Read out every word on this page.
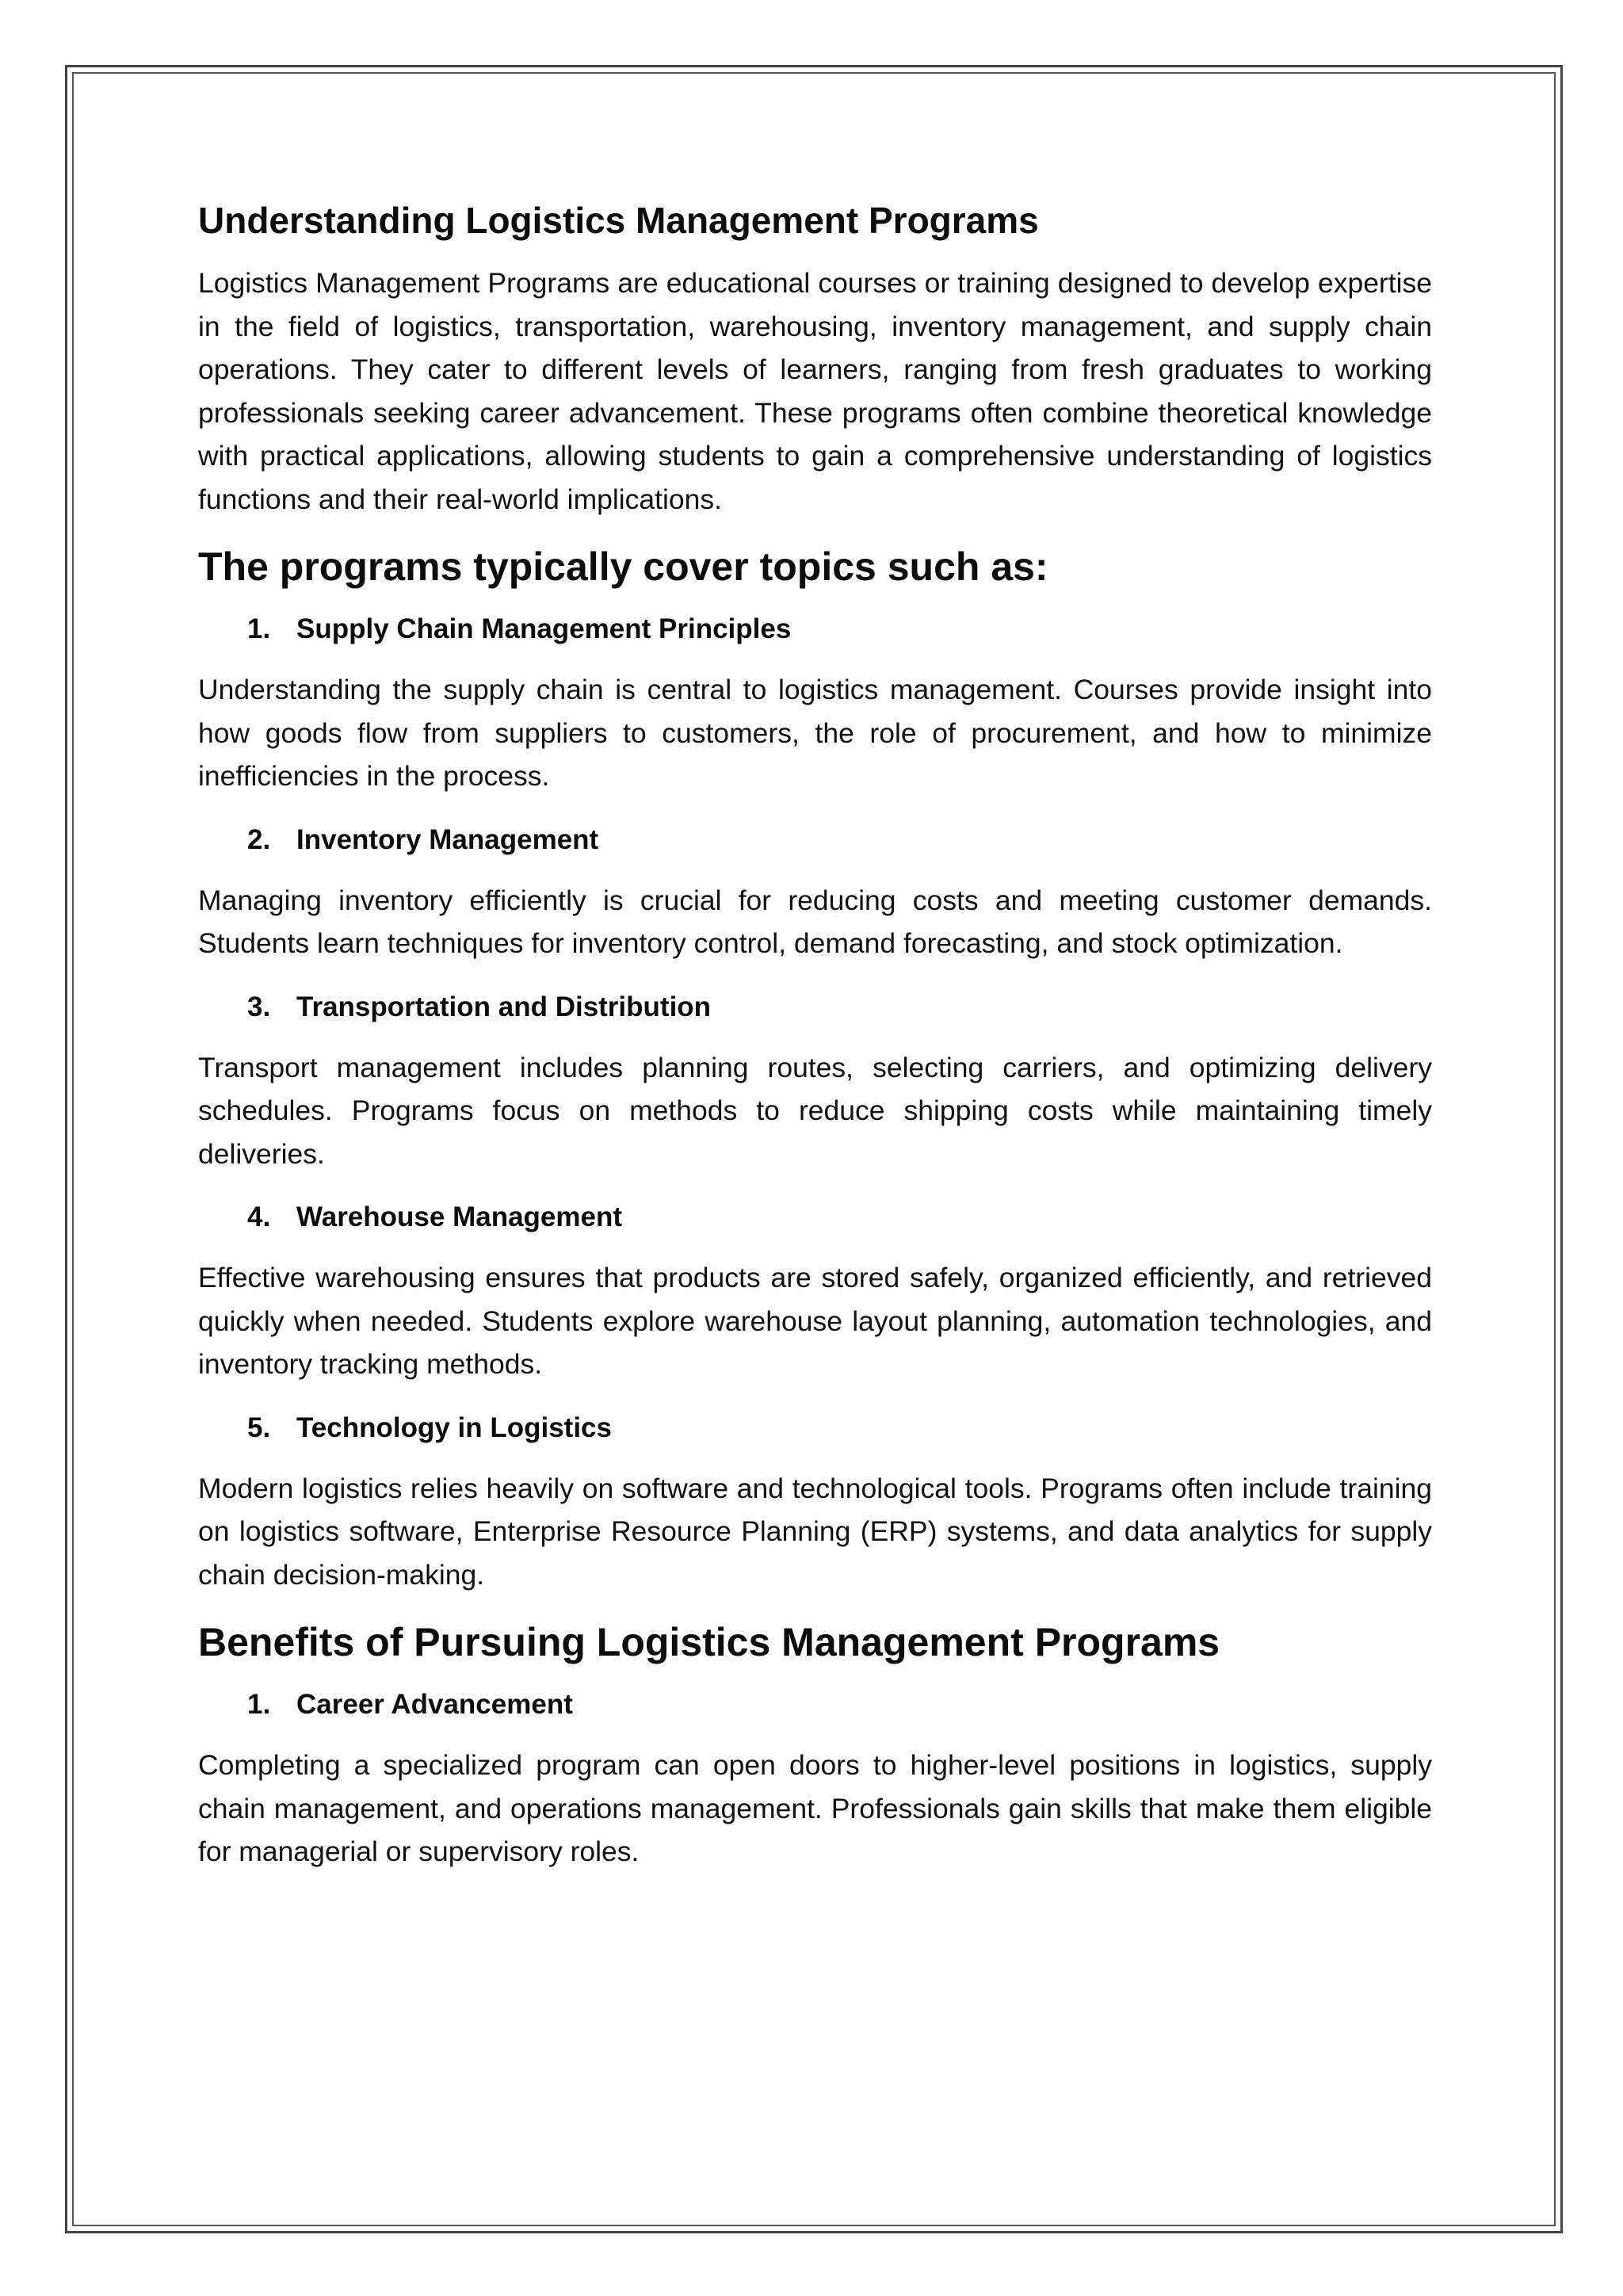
Understanding Logistics Management Programs

Logistics Management Programs are educational courses or training designed to develop expertise in the field of logistics, transportation, warehousing, inventory management, and supply chain operations. They cater to different levels of learners, ranging from fresh graduates to working professionals seeking career advancement. These programs often combine theoretical knowledge with practical applications, allowing students to gain a comprehensive understanding of logistics functions and their real-world implications.

The programs typically cover topics such as:
1. Supply Chain Management Principles

Understanding the supply chain is central to logistics management. Courses provide insight into how goods flow from suppliers to customers, the role of procurement, and how to minimize inefficiencies in the process.

2. Inventory Management

Managing inventory efficiently is crucial for reducing costs and meeting customer demands. Students learn techniques for inventory control, demand forecasting, and stock optimization.

3. Transportation and Distribution

Transport management includes planning routes, selecting carriers, and optimizing delivery schedules. Programs focus on methods to reduce shipping costs while maintaining timely deliveries.

4. Warehouse Management

Effective warehousing ensures that products are stored safely, organized efficiently, and retrieved quickly when needed. Students explore warehouse layout planning, automation technologies, and inventory tracking methods.

5. Technology in Logistics

Modern logistics relies heavily on software and technological tools. Programs often include training on logistics software, Enterprise Resource Planning (ERP) systems, and data analytics for supply chain decision-making.

Benefits of Pursuing Logistics Management Programs
1. Career Advancement

Completing a specialized program can open doors to higher-level positions in logistics, supply chain management, and operations management. Professionals gain skills that make them eligible for managerial or supervisory roles.
